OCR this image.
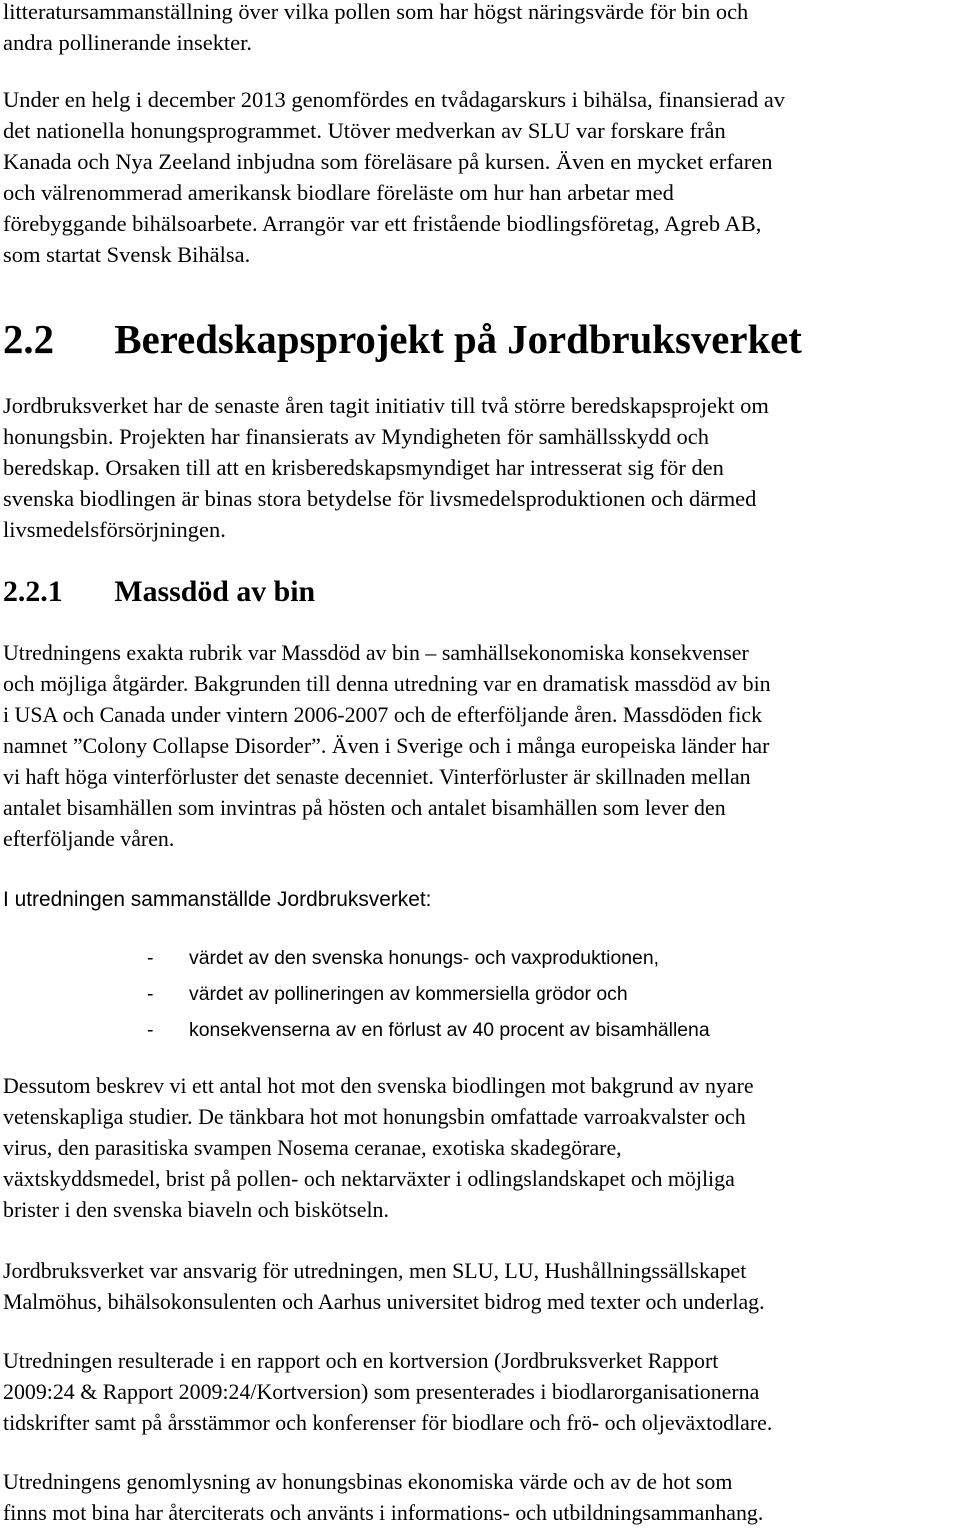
litteratursammanställning över vilka pollen som har högst näringsvärde för bin och
andra pollinerande insekter.
Under en helg i december 2013 genomfördes en tvådagarskurs i bihälsa, finansierad av
det nationella honungsprogrammet. Utöver medverkan av SLU var forskare från
Kanada och Nya Zeeland inbjudna som föreläsare på kursen. Även en mycket erfaren
och välrenommerad amerikansk biodlare föreläste om hur han arbetar med
förebyggande bihälsoarbete. Arrangör var ett fristående biodlingsföretag, Agreb AB,
som startat Svensk Bihälsa.
2.2 Beredskapsprojekt på Jordbruksverket
Jordbruksverket har de senaste åren tagit initiativ till två större beredskapsprojekt om
honungsbin. Projekten har finansierats av Myndigheten för samhällsskydd och
beredskap. Orsaken till att en krisberedskapsmyndiget har intresserat sig för den
svenska biodlingen är binas stora betydelse för livsmedelsproduktionen och därmed
livsmedelsförsörjningen.
2.2.1 Massdöd av bin
Utredningens exakta rubrik var Massdöd av bin – samhällsekonomiska konsekvenser
och möjliga åtgärder. Bakgrunden till denna utredning var en dramatisk massdöd av bin
i USA och Canada under vintern 2006-2007 och de efterföljande åren. Massdöden fick
namnet ”Colony Collapse Disorder”. Även i Sverige och i många europeiska länder har
vi haft höga vinterförluster det senaste decenniet. Vinterförluster är skillnaden mellan
antalet bisamhällen som invintras på hösten och antalet bisamhällen som lever den
efterföljande våren.
I utredningen sammanställde Jordbruksverket:
- värdet av den svenska honungs- och vaxproduktionen,
- värdet av pollineringen av kommersiella grödor och
- konsekvenserna av en förlust av 40 procent av bisamhällena
Dessutom beskrev vi ett antal hot mot den svenska biodlingen mot bakgrund av nyare
vetenskapliga studier. De tänkbara hot mot honungsbin omfattade varroakvalster och
virus, den parasitiska svampen Nosema ceranae, exotiska skadegörare,
växtskyddsmedel, brist på pollen- och nektarväxter i odlingslandskapet och möjliga
brister i den svenska biaveln och biskötseln.
Jordbruksverket var ansvarig för utredningen, men SLU, LU, Hushållningssällskapet
Malmöhus, bihälsokonsulenten och Aarhus universitet bidrog med texter och underlag.
Utredningen resulterade i en rapport och en kortversion (Jordbruksverket Rapport
2009:24 & Rapport 2009:24/Kortversion) som presenterades i biodlarorganisationerna
tidskrifter samt på årsstämmor och konferenser för biodlare och frö- och oljeväxtodlare.
Utredningens genomlysning av honungsbinas ekonomiska värde och av de hot som
finns mot bina har återciterats och använts i informations- och utbildningsammanhang.
